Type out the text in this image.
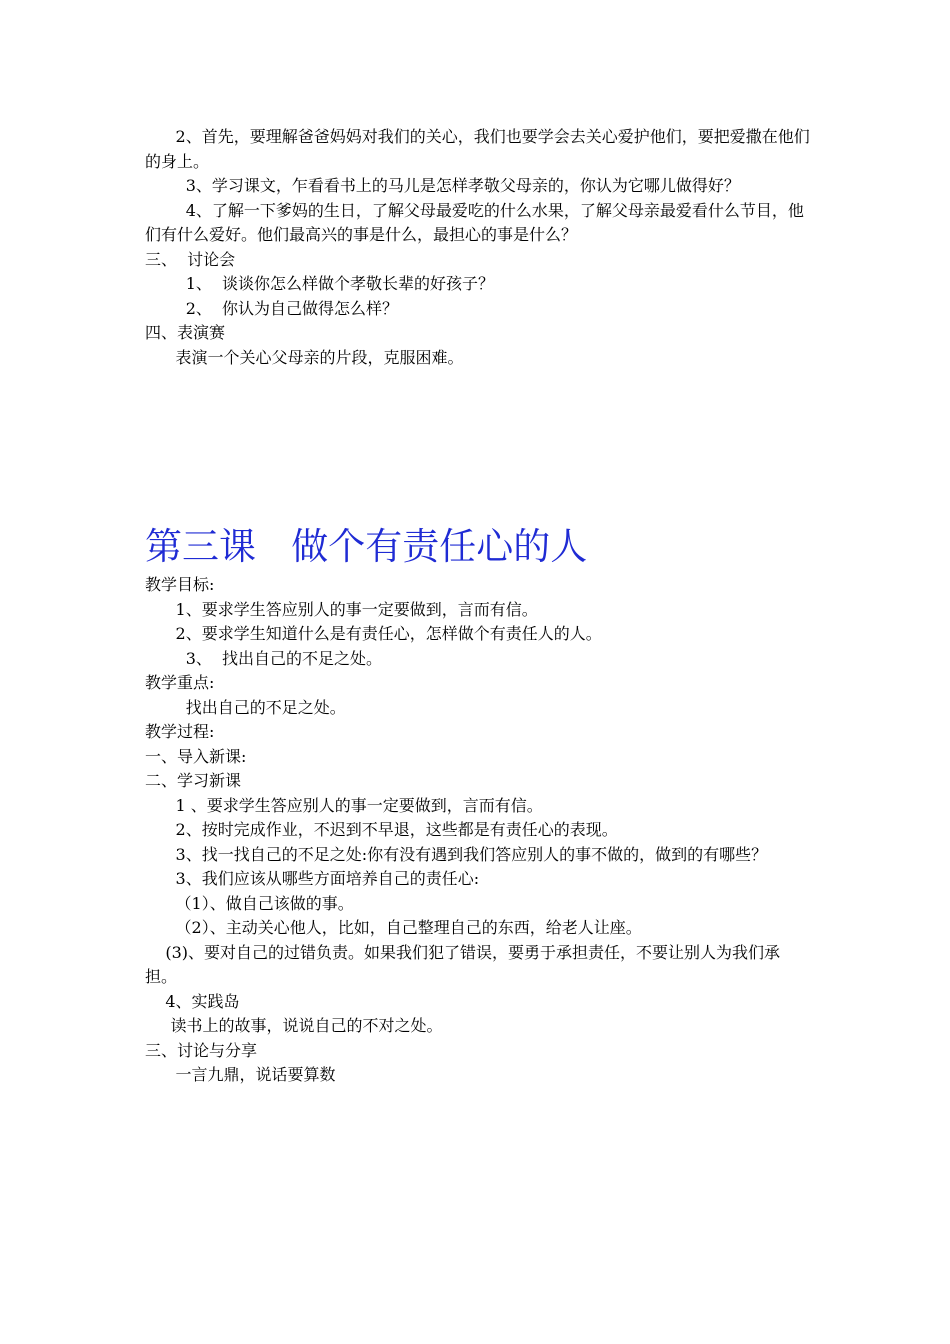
2、首先，要理解爸爸妈妈对我们的关心，我们也要学会去关心爱护他们，要把爱撒在他们的身上。
3、学习课文，乍看看书上的马儿是怎样孝敬父母亲的，你认为它哪儿做得好？
4、了解一下爹妈的生日，了解父母最爱吃的什么水果，了解父母亲最爱看什么节目，他们有什么爱好。他们最高兴的事是什么，最担心的事是什么？
三、  讨论会
1、  谈谈你怎么样做个孝敬长辈的好孩子？
2、  你认为自己做得怎么样？
四、表演赛
表演一个关心父母亲的片段，克服困难。
第三课   做个有责任心的人
教学目标:
1、要求学生答应别人的事一定要做到，言而有信。
2、要求学生知道什么是有责任心，怎样做个有责任人的人。
3、  找出自己的不足之处。
教学重点:
找出自己的不足之处。
教学过程:
一、导入新课:
二、学习新课
1 、要求学生答应别人的事一定要做到，言而有信。
2、按时完成作业，不迟到不早退，这些都是有责任心的表现。
3、找一找自己的不足之处:你有没有遇到我们答应别人的事不做的，做到的有哪些？
3、我们应该从哪些方面培养自己的责任心:
（1）、做自己该做的事。
（2）、主动关心他人，比如，自己整理自己的东西，给老人让座。
(3)、要对自己的过错负责。如果我们犯了错误，要勇于承担责任，不要让别人为我们承担。
4、实践岛
读书上的故事，说说自己的不对之处。
三、讨论与分享
一言九鼎，说话要算数
